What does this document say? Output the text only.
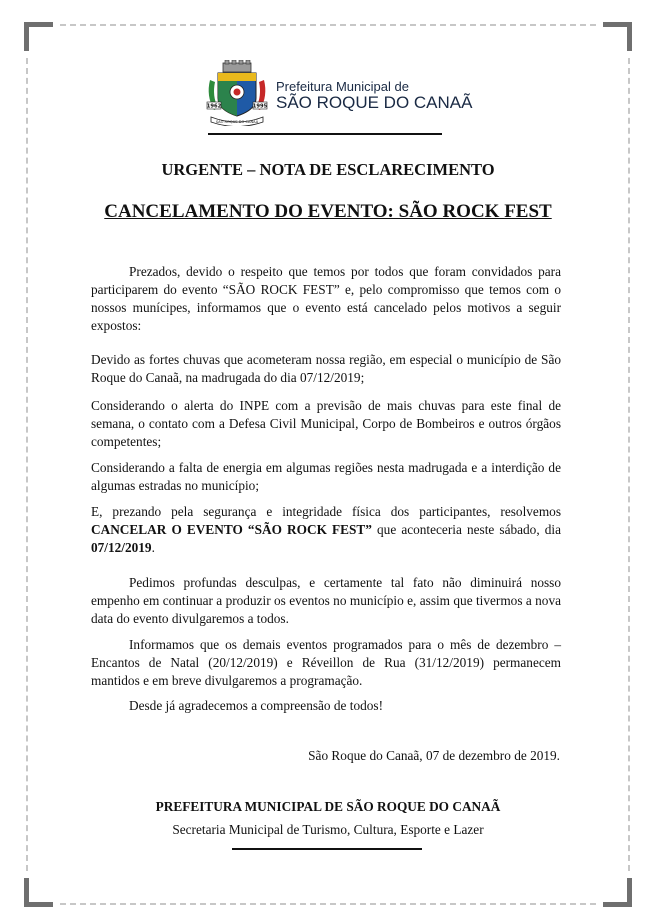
1962	1995
SÃO ROQUE DO CANAÃ
Prefeitura Municipal de
SÃO ROQUE DO CANAÃ
URGENTE – NOTA DE ESCLARECIMENTO
CANCELAMENTO DO EVENTO: SÃO ROCK FEST
Prezados, devido o respeito que temos por todos que foram convidados para participarem do evento “SÃO ROCK FEST” e, pelo compromisso que temos com o nossos munícipes, informamos que o evento está cancelado pelos motivos a seguir expostos:
Devido as fortes chuvas que acometeram nossa região, em especial o município de São Roque do Canaã, na madrugada do dia 07/12/2019;
Considerando o alerta do INPE com a previsão de mais chuvas para este final de semana, o contato com a Defesa Civil Municipal, Corpo de Bombeiros e outros órgãos competentes;
Considerando a falta de energia em algumas regiões nesta madrugada e a interdição de algumas estradas no município;
E, prezando pela segurança e integridade física dos participantes, resolvemos CANCELAR O EVENTO “SÃO ROCK FEST” que aconteceria neste sábado, dia 07/12/2019.
Pedimos profundas desculpas, e certamente tal fato não diminuirá nosso empenho em continuar a produzir os eventos no município e, assim que tivermos a nova data do evento divulgaremos a todos.
Informamos que os demais eventos programados para o mês de dezembro – Encantos de Natal (20/12/2019) e Réveillon de Rua (31/12/2019) permanecem mantidos e em breve divulgaremos a programação.
Desde já agradecemos a compreensão de todos!
São Roque do Canaã, 07 de dezembro de 2019.
PREFEITURA MUNICIPAL DE SÃO ROQUE DO CANAÃ
Secretaria Municipal de Turismo, Cultura, Esporte e Lazer
